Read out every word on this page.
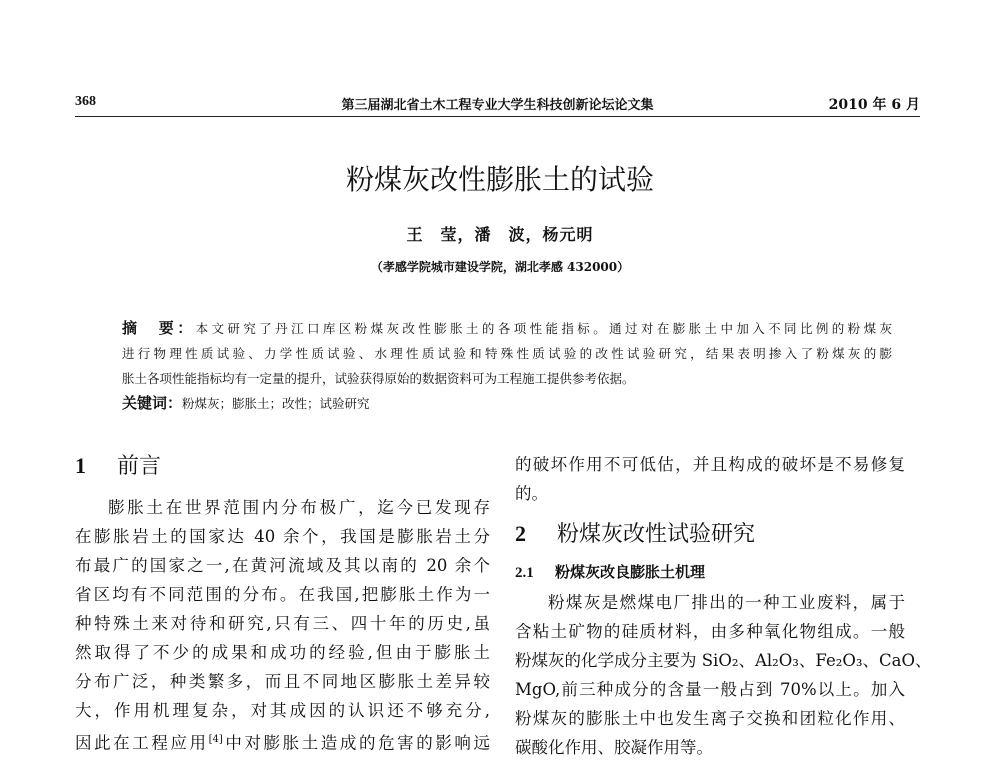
368	第三届湖北省土木工程专业大学生科技创新论坛论文集	2010 年 6 月
粉煤灰改性膨胀土的试验
王　莹，潘　波，杨元明
（孝感学院城市建设学院，湖北孝感 432000）
摘　要：本文研究了丹江口库区粉煤灰改性膨胀土的各项性能指标。通过对在膨胀土中加入不同比例的粉煤灰
进行物理性质试验、力学性质试验、水理性质试验和特殊性质试验的改性试验研究，结果表明掺入了粉煤灰的膨
胀土各项性能指标均有一定量的提升，试验获得原始的数据资料可为工程施工提供参考依据。
关键词：粉煤灰；膨胀土；改性；试验研究
1 前言
膨胀土在世界范围内分布极广，迄今已发现存
在膨胀岩土的国家达 40 余个，我国是膨胀岩土分
布最广的国家之一,在黄河流域及其以南的 20 余个
省区均有不同范围的分布。在我国,把膨胀土作为一
种特殊土来对待和研究,只有三、四十年的历史,虽
然取得了不少的成果和成功的经验,但由于膨胀土
分布广泛，种类繁多，而且不同地区膨胀土差异较
大，作用机理复杂，对其成因的认识还不够充分,
因此在工程应用[4]中对膨胀土造成的危害的影响远
的破坏作用不可低估，并且构成的破坏是不易修复
的。
2 粉煤灰改性试验研究
2.1 粉煤灰改良膨胀土机理
粉煤灰是燃煤电厂排出的一种工业废料，属于
含粘土矿物的硅质材料，由多种氧化物组成。一般
粉煤灰的化学成分主要为 SiO₂、Al₂O₃、Fe₂O₃、CaO、
MgO,前三种成分的含量一般占到 70%以上。加入
粉煤灰的膨胀土中也发生离子交换和团粒化作用、
碳酸化作用、胶凝作用等。
